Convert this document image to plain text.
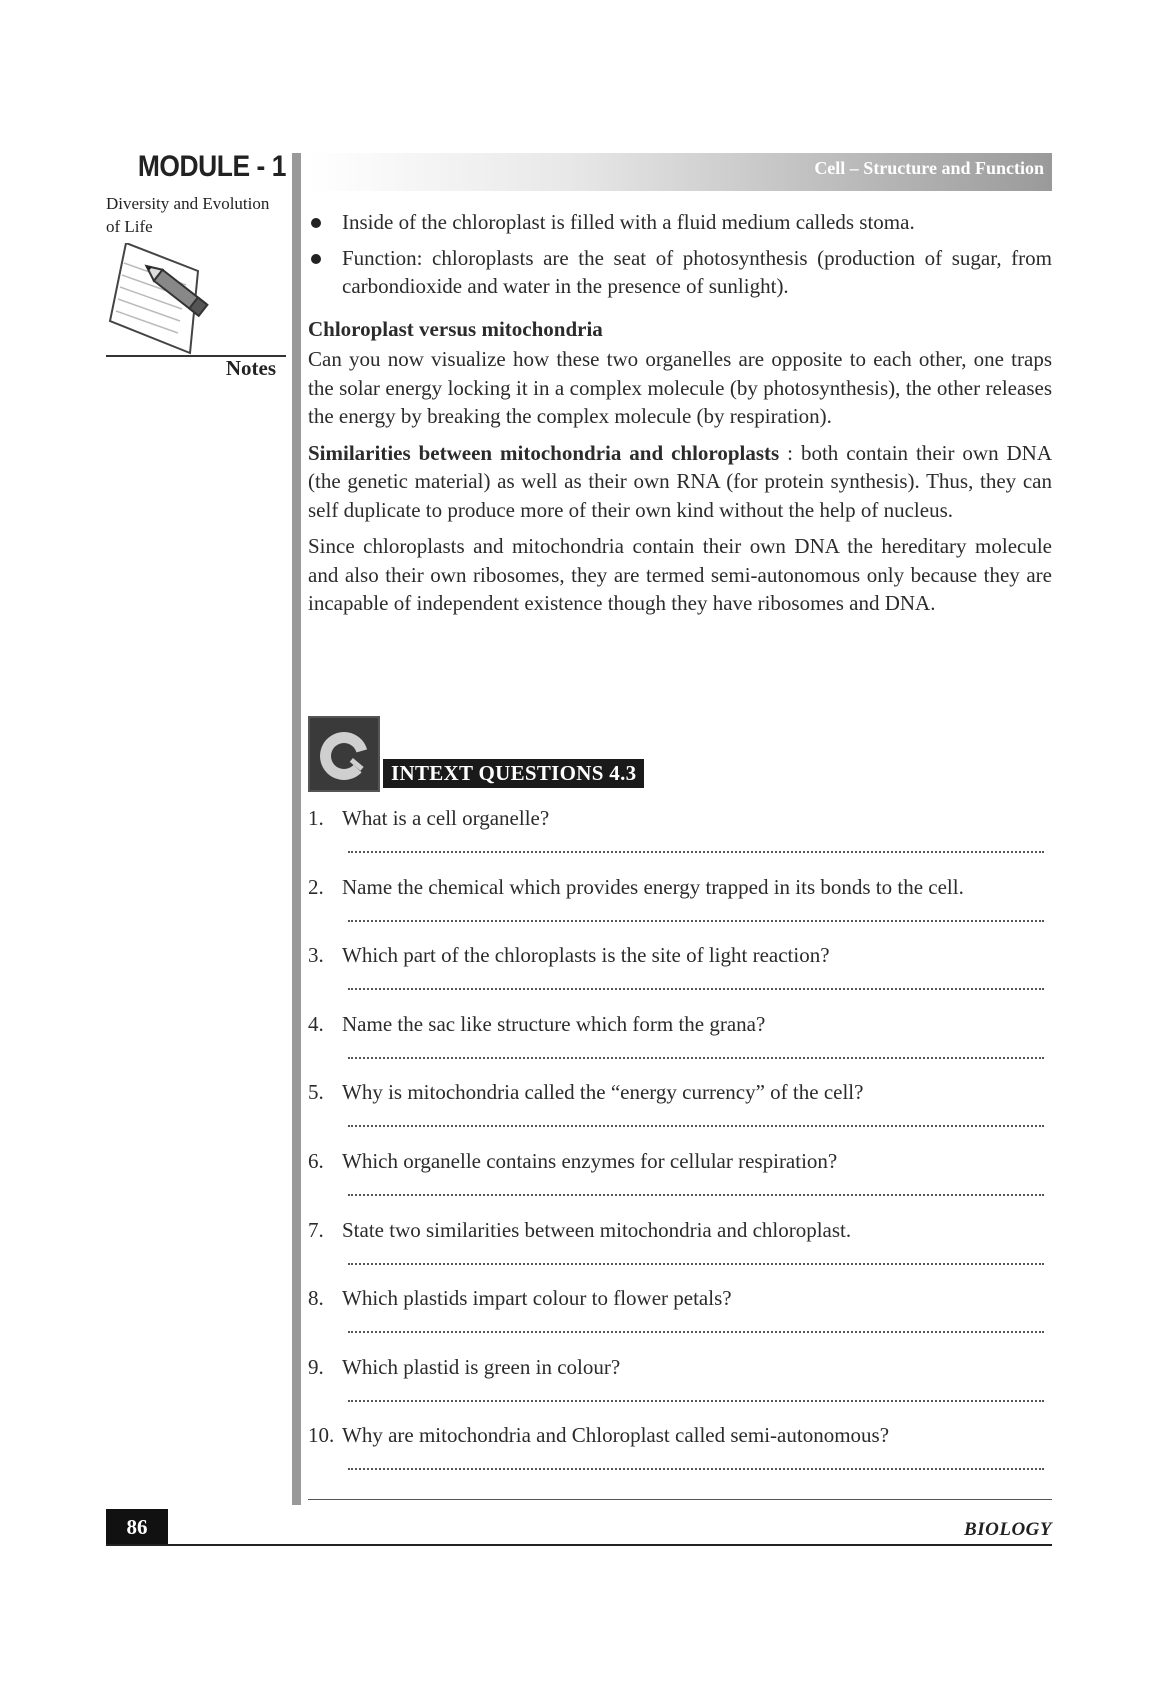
MODULE - 1
Diversity and Evolution of Life
Notes
Cell – Structure and Function
Inside of the chloroplast is filled with a fluid medium calleds stoma.
Function: chloroplasts are the seat of photosynthesis (production of sugar, from carbondioxide and water in the presence of sunlight).
Chloroplast versus mitochondria

Can you now visualize how these two organelles are opposite to each other, one traps the solar energy locking it in a complex molecule (by photosynthesis), the other releases the energy by breaking the complex molecule (by respiration).

Similarities between mitochondria and chloroplasts : both contain their own DNA (the genetic material) as well as their own RNA (for protein synthesis). Thus, they can self duplicate to produce more of their own kind without the help of nucleus.

Since chloroplasts and mitochondria contain their own DNA the hereditary molecule and also their own ribosomes, they are termed semi-autonomous only because they are incapable of independent existence though they have ribosomes and DNA.

INTEXT QUESTIONS 4.3
1. What is a cell organelle?
2. Name the chemical which provides energy trapped in its bonds to the cell.
3. Which part of the chloroplasts is the site of light reaction?
4. Name the sac like structure which form the grana?
5. Why is mitochondria called the “energy currency” of the cell?
6. Which organelle contains enzymes for cellular respiration?
7. State two similarities between mitochondria and chloroplast.
8. Which plastids impart colour to flower petals?
9. Which plastid is green in colour?
10. Why are mitochondria and Chloroplast called semi-autonomous?
86	BIOLOGY
